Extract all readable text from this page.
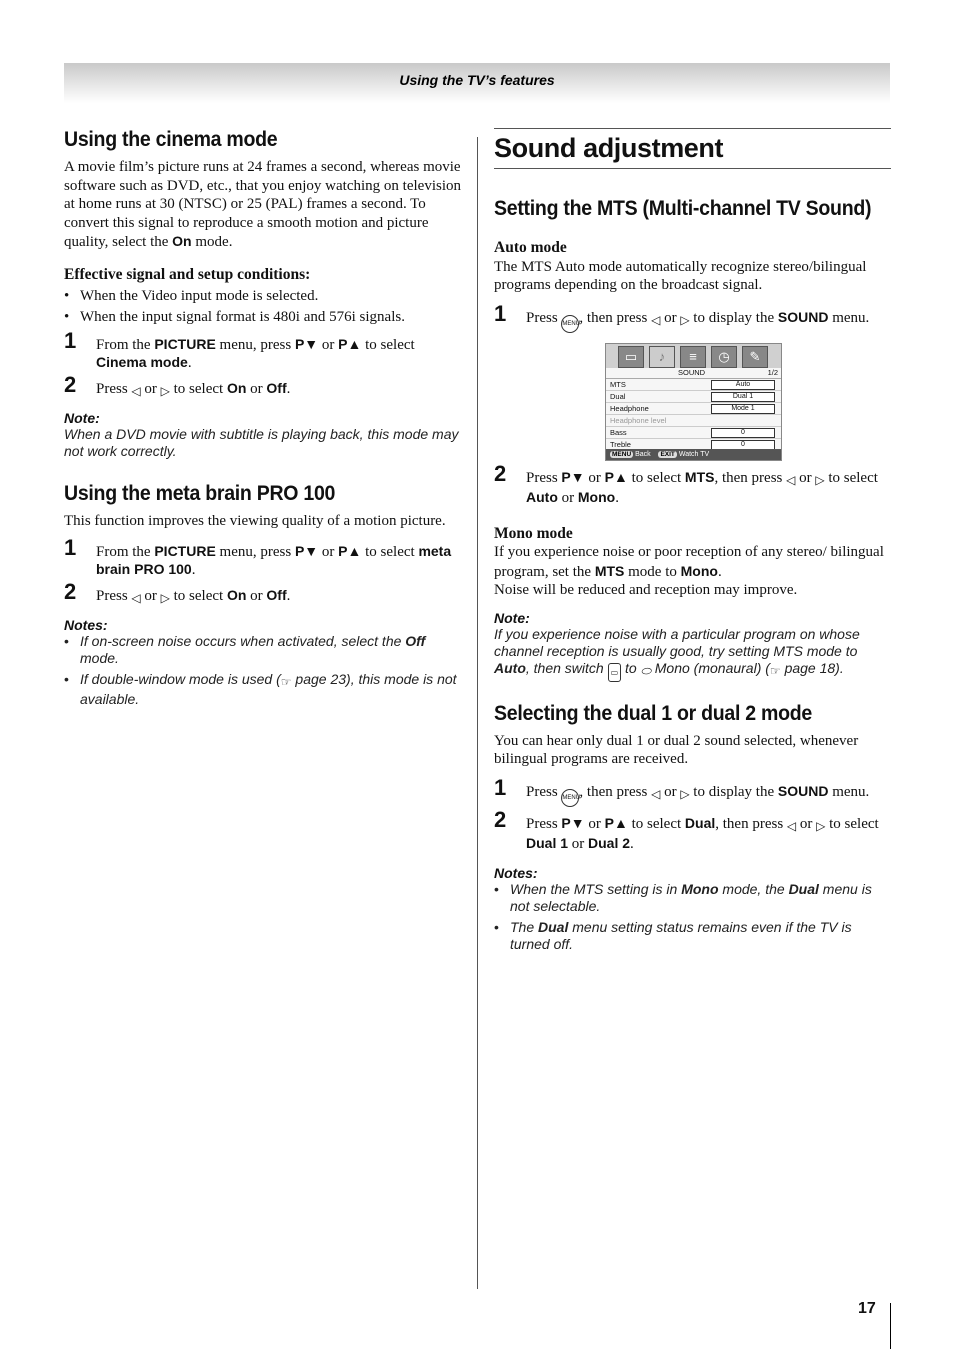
Using the TV’s features
Using the cinema mode

A movie film’s picture runs at 24 frames a second, whereas movie software such as DVD, etc., that you enjoy watching on television at home runs at 30 (NTSC) or 25 (PAL) frames a second. To convert this signal to reproduce a smooth motion and picture quality, select the On mode.

Effective signal and setup conditions:

• When the Video input mode is selected.
• When the input signal format is 480i and 576i signals.
1 From the PICTURE menu, press P▼ or P▲ to select Cinema mode.
2 Press ◁ or ▷ to select On or Off.
Note:
When a DVD movie with subtitle is playing back, this mode may not work correctly.
Using the meta brain PRO 100

This function improves the viewing quality of a motion picture.

1 From the PICTURE menu, press P▼ or P▲ to select meta brain PRO 100.
2 Press ◁ or ▷ to select On or Off.
Notes:
• If on-screen noise occurs when activated, select the Off mode.
• If double-window mode is used (☞ page 23), this mode is not available.
Sound adjustment
Setting the MTS (Multi-channel TV Sound)

Auto mode

The MTS Auto mode automatically recognize stereo/bilingual programs depending on the broadcast signal.

1 Press MENU, then press ◁ or ▷ to display the SOUND menu.
▭	♪	≡	◷	✎
SOUND	1/2
MTS	Auto
Dual	Dual 1
Headphone	Mode 1
Headphone level
Bass	0
Treble	0
MENU Back EXIT Watch TV
2 Press P▼ or P▲ to select MTS, then press ◁ or ▷ to select Auto or Mono.

Mono mode

If you experience noise or poor reception of any stereo/ bilingual program, set the MTS mode to Mono.

Noise will be reduced and reception may improve.

Note:
If you experience noise with a particular program on whose channel reception is usually good, try setting MTS mode to Auto, then switch ▭ to ⬭ Mono (monaural) (☞ page 18).
Selecting the dual 1 or dual 2 mode

You can hear only dual 1 or dual 2 sound selected, whenever bilingual programs are received.

1 Press MENU, then press ◁ or ▷ to display the SOUND menu.
2 Press P▼ or P▲ to select Dual, then press ◁ or ▷ to select Dual 1 or Dual 2.
Notes:
• When the MTS setting is in Mono mode, the Dual menu is not selectable.
• The Dual menu setting status remains even if the TV is turned off.
17
